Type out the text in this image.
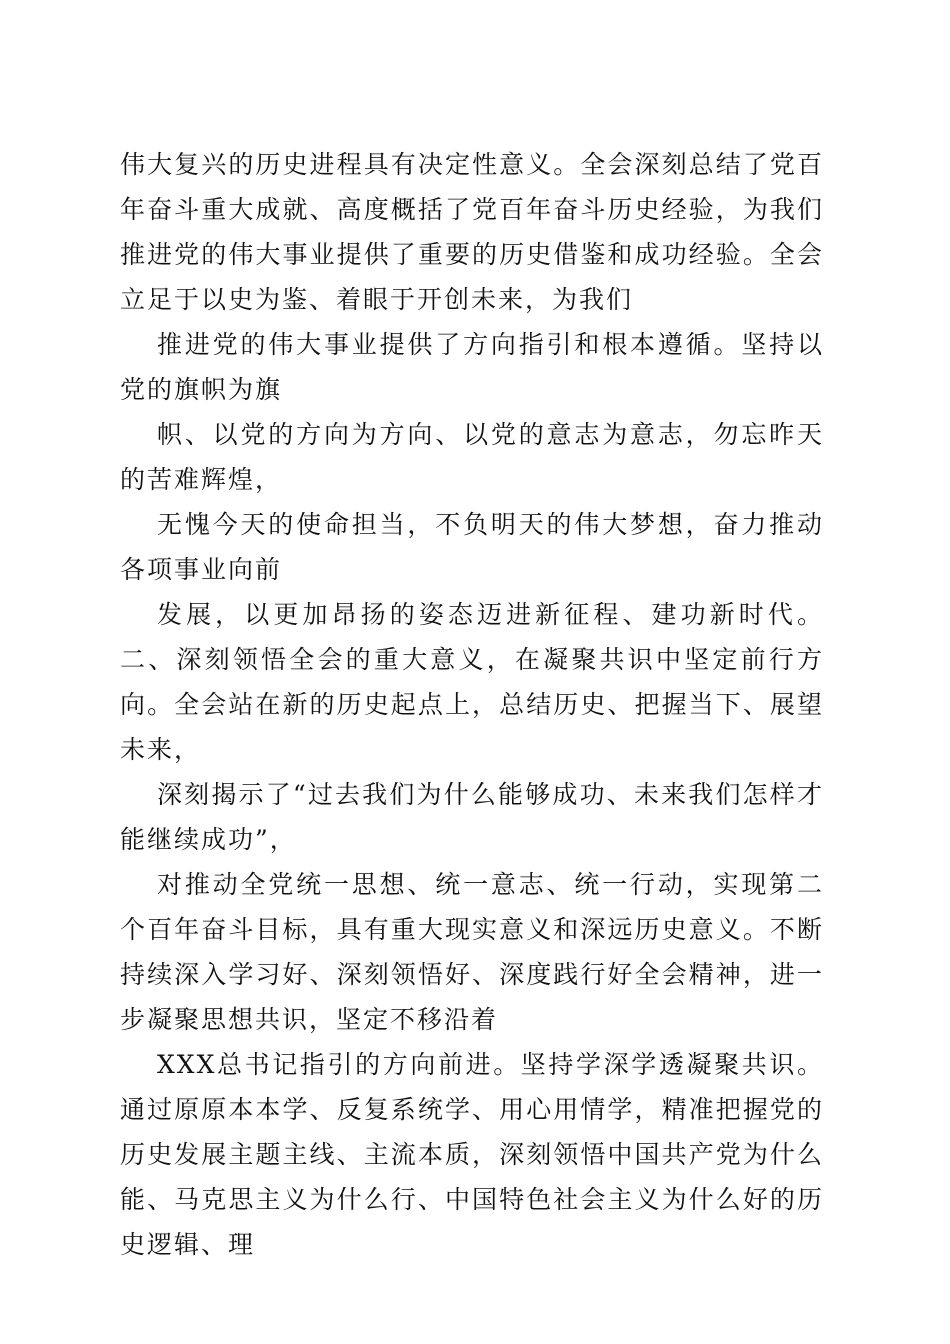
伟大复兴的历史进程具有决定性意义。全会深刻总结了党百年奋斗重大成就、高度概括了党百年奋斗历史经验，为我们推进党的伟大事业提供了重要的历史借鉴和成功经验。全会立足于以史为鉴、着眼于开创未来，为我们

推进党的伟大事业提供了方向指引和根本遵循。坚持以党的旗帜为旗

帜、以党的方向为方向、以党的意志为意志，勿忘昨天的苦难辉煌，

无愧今天的使命担当，不负明天的伟大梦想，奋力推动各项事业向前

发展，以更加昂扬的姿态迈进新征程、建功新时代。二、深刻领悟全会的重大意义，在凝聚共识中坚定前行方向。全会站在新的历史起点上，总结历史、把握当下、展望未来，

深刻揭示了“过去我们为什么能够成功、未来我们怎样才能继续成功”，

对推动全党统一思想、统一意志、统一行动，实现第二个百年奋斗目标，具有重大现实意义和深远历史意义。不断持续深入学习好、深刻领悟好、深度践行好全会精神，进一步凝聚思想共识，坚定不移沿着

XXX总书记指引的方向前进。坚持学深学透凝聚共识。通过原原本本学、反复系统学、用心用情学，精准把握党的历史发展主题主线、主流本质，深刻领悟中国共产党为什么能、马克思主义为什么行、中国特色社会主义为什么好的历史逻辑、理
